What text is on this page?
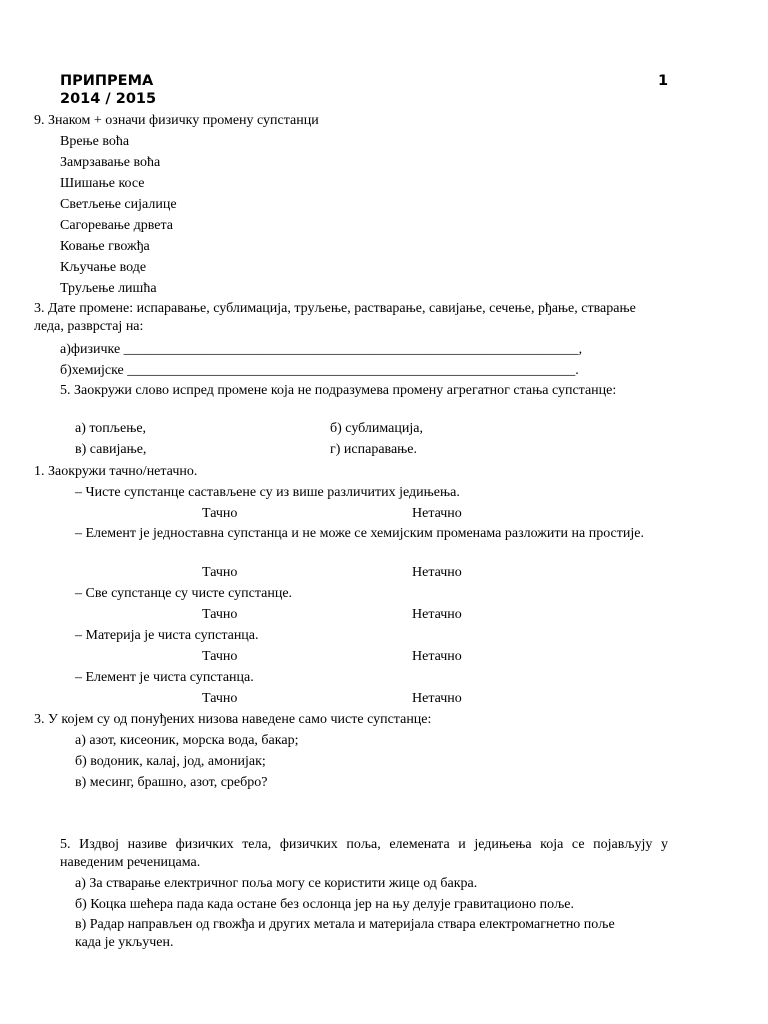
ПРИПРЕМА
2014 / 2015
1
9. Знаком + означи физичку промену супстанци
Врење воћа
Замрзавање воћа
Шишање косе
Светљење сијалице
Сагоревање дрвета
Ковање гвожђа
Кључање воде
Труљење лишћа
3. Дате промене: испаравање, сублимација, труљење, растварање, савијање, сечење, рђање, стварање леда, разврстај на:
а)физичке _________________________________________________________________,
б)хемијске ________________________________________________________________.
5. Заокружи слово испред промене која не подразумева промену агрегатног стања супстанце:
а) топљење,	б) сублимација,
в) савијање,	г) испаравање.
1. Заокружи тачно/нетачно.
– Чисте супстанце састављене су из више различитих једињења.
Тачно	Нетачно
– Елемент је једноставна супстанца и не може се хемијским променама разложити на простије.
Тачно	Нетачно
– Све супстанце су чисте супстанце.
Тачно	Нетачно
– Материја је чиста супстанца.
Тачно	Нетачно
– Елемент је чиста супстанца.
Тачно	Нетачно
3. У којем су од понуђених низова наведене само чисте супстанце:
а) азот, кисеоник, морска вода, бакар;
б) водоник, калај, јод, амонијак;
в) месинг, брашно, азот, сребро?
5. Издвој називе физичких тела, физичких поља, елемената и једињења која се појављују у наведеним реченицама.
а) За стварање електричног поља могу се користити жице од бакра.
б) Коцка шећера пада када остане без ослонца јер на њу делује гравитационо поље.
в) Радар направљен од гвожђа и других метала и материјала ствара електромагнетно поље када је укључен.
